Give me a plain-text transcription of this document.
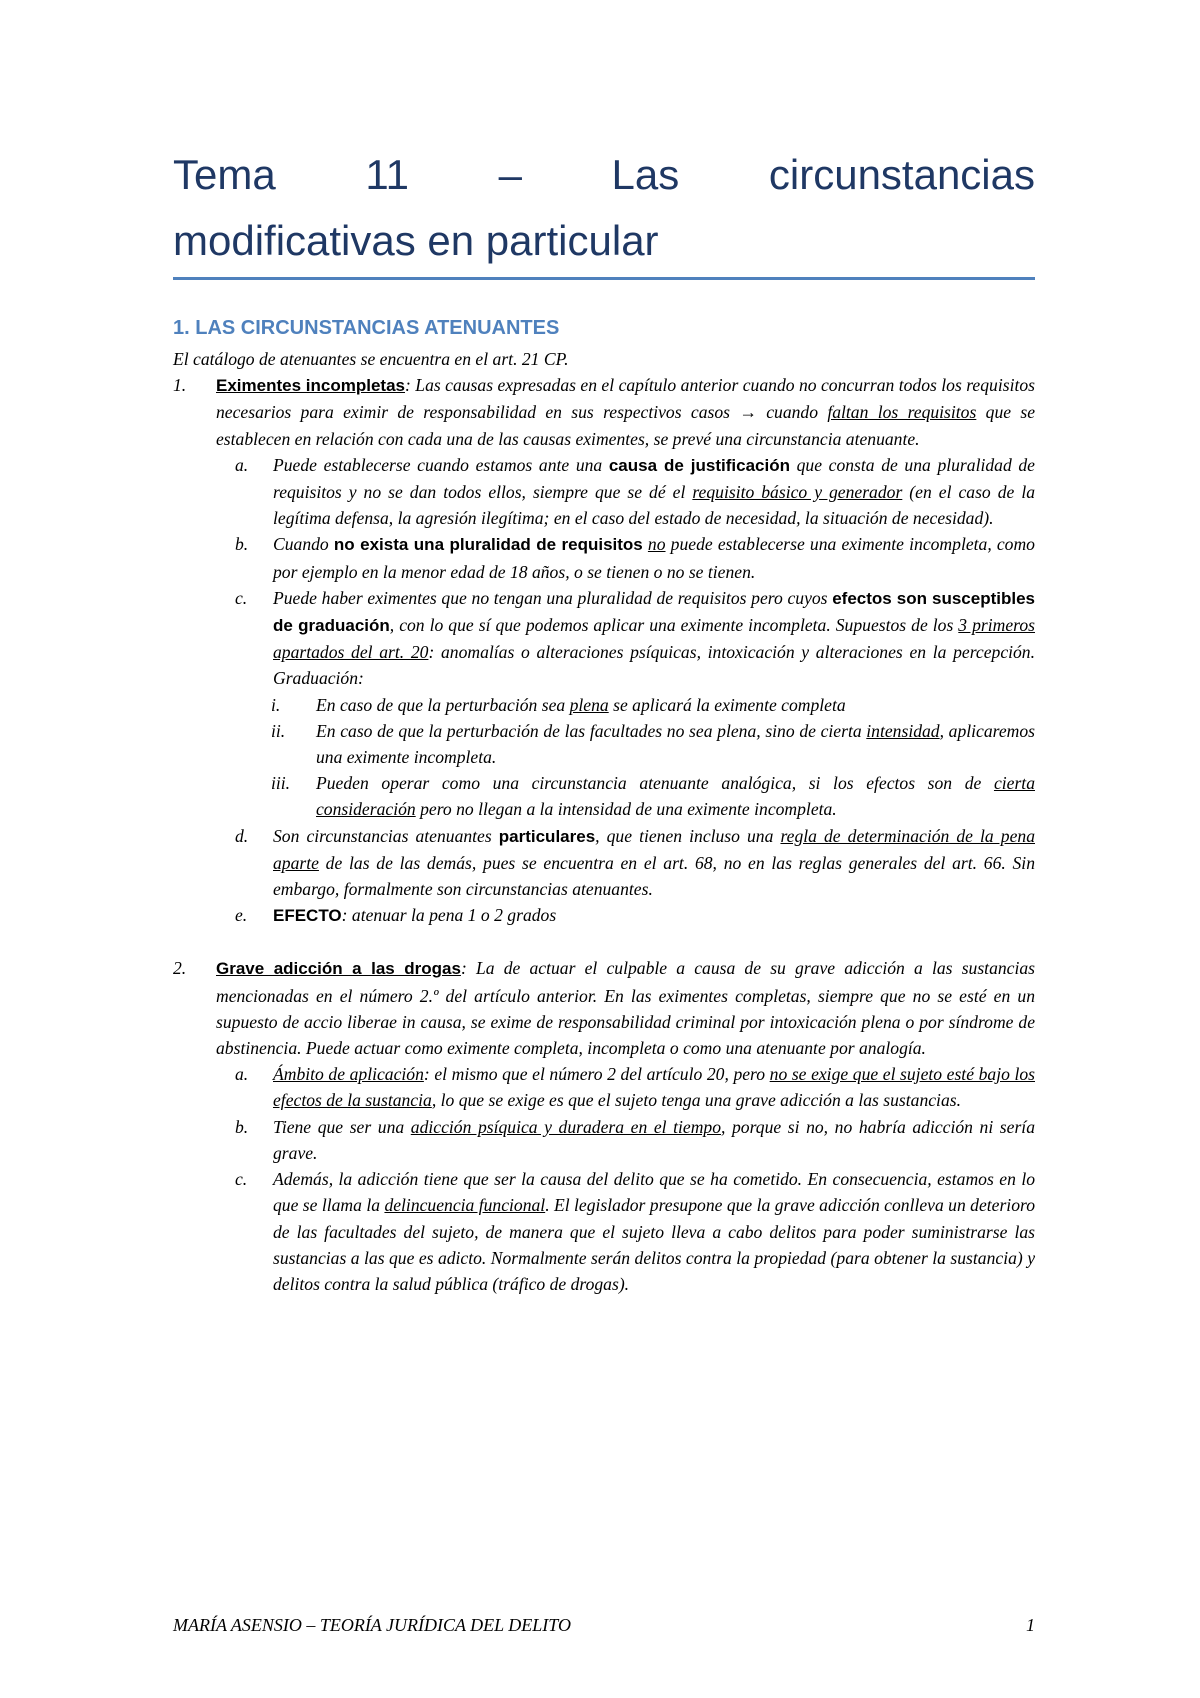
Tema 11 – Las circunstancias
modificativas en particular
1. LAS CIRCUNSTANCIAS ATENUANTES

El catálogo de atenuantes se encuentra en el art. 21 CP.

1.	Eximentes incompletas: Las causas expresadas en el capítulo anterior cuando no concurran todos los requisitos necesarios para eximir de responsabilidad en sus respectivos casos → cuando faltan los requisitos que se establecen en relación con cada una de las causas eximentes, se prevé una circunstancia atenuante.
a.	Puede establecerse cuando estamos ante una causa de justificación que consta de una pluralidad de requisitos y no se dan todos ellos, siempre que se dé el requisito básico y generador (en el caso de la legítima defensa, la agresión ilegítima; en el caso del estado de necesidad, la situación de necesidad).
b.	Cuando no exista una pluralidad de requisitos no puede establecerse una eximente incompleta, como por ejemplo en la menor edad de 18 años, o se tienen o no se tienen.
c.	Puede haber eximentes que no tengan una pluralidad de requisitos pero cuyos efectos son susceptibles de graduación, con lo que sí que podemos aplicar una eximente incompleta. Supuestos de los 3 primeros apartados del art. 20: anomalías o alteraciones psíquicas, intoxicación y alteraciones en la percepción. Graduación:
i.	En caso de que la perturbación sea plena se aplicará la eximente completa
ii.	En caso de que la perturbación de las facultades no sea plena, sino de cierta intensidad, aplicaremos una eximente incompleta.
iii.	Pueden operar como una circunstancia atenuante analógica, si los efectos son de cierta consideración pero no llegan a la intensidad de una eximente incompleta.
d.	Son circunstancias atenuantes particulares, que tienen incluso una regla de determinación de la pena aparte de las de las demás, pues se encuentra en el art. 68, no en las reglas generales del art. 66. Sin embargo, formalmente son circunstancias atenuantes.
e.	EFECTO: atenuar la pena 1 o 2 grados
2.	Grave adicción a las drogas: La de actuar el culpable a causa de su grave adicción a las sustancias mencionadas en el número 2.º del artículo anterior. En las eximentes completas, siempre que no se esté en un supuesto de accio liberae in causa, se exime de responsabilidad criminal por intoxicación plena o por síndrome de abstinencia. Puede actuar como eximente completa, incompleta o como una atenuante por analogía.
a.	Ámbito de aplicación: el mismo que el número 2 del artículo 20, pero no se exige que el sujeto esté bajo los efectos de la sustancia, lo que se exige es que el sujeto tenga una grave adicción a las sustancias.
b.	Tiene que ser una adicción psíquica y duradera en el tiempo, porque si no, no habría adicción ni sería grave.
c.	Además, la adicción tiene que ser la causa del delito que se ha cometido. En consecuencia, estamos en lo que se llama la delincuencia funcional. El legislador presupone que la grave adicción conlleva un deterioro de las facultades del sujeto, de manera que el sujeto lleva a cabo delitos para poder suministrarse las sustancias a las que es adicto. Normalmente serán delitos contra la propiedad (para obtener la sustancia) y delitos contra la salud pública (tráfico de drogas).
MARÍA ASENSIO – TEORÍA JURÍDICA DEL DELITO	1
